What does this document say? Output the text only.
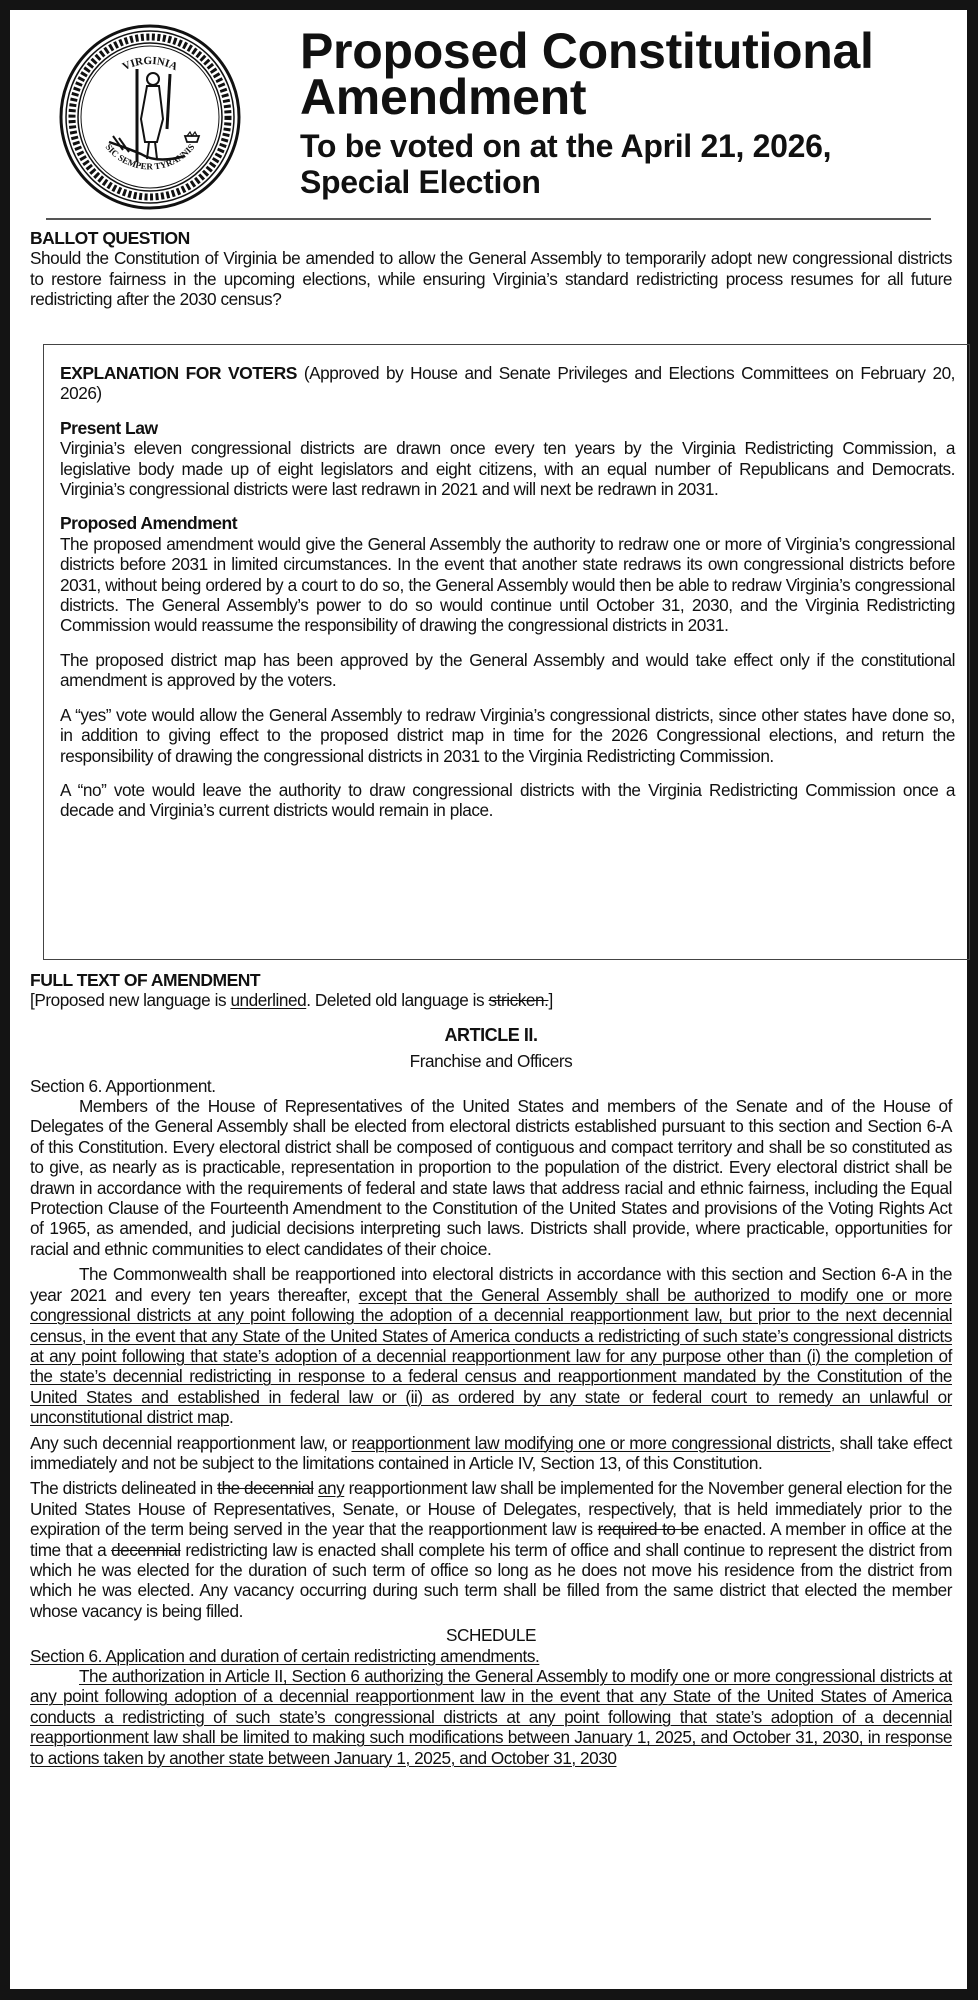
VIRGINIA
SIC SEMPER TYRANNIS
Proposed Constitutional
Amendment
To be voted on at the April 21, 2026,
Special Election
BALLOT QUESTION

Should the Constitution of Virginia be amended to allow the General Assembly to temporarily adopt new congressional districts to restore fairness in the upcoming elections, while ensuring Virginia’s standard redistricting process resumes for all future redistricting after the 2030 census?

EXPLANATION FOR VOTERS (Approved by House and Senate Privileges and Elections Committees on February 20, 2026)

Present Law

Virginia’s eleven congressional districts are drawn once every ten years by the Virginia Redistricting Commission, a legislative body made up of eight legislators and eight citizens, with an equal number of Republicans and Democrats. Virginia’s congressional districts were last redrawn in 2021 and will next be redrawn in 2031.

Proposed Amendment

The proposed amendment would give the General Assembly the authority to redraw one or more of Virginia’s congressional districts before 2031 in limited circumstances. In the event that another state redraws its own congressional districts before 2031, without being ordered by a court to do so, the General Assembly would then be able to redraw Virginia’s congressional districts. The General Assembly’s power to do so would continue until October 31, 2030, and the Virginia Redistricting Commission would reassume the responsibility of drawing the congressional districts in 2031.

The proposed district map has been approved by the General Assembly and would take effect only if the constitutional amendment is approved by the voters.

A “yes” vote would allow the General Assembly to redraw Virginia’s congressional districts, since other states have done so, in addition to giving effect to the proposed district map in time for the 2026 Congressional elections, and return the responsibility of drawing the congressional districts in 2031 to the Virginia Redistricting Commission.

A “no” vote would leave the authority to draw congressional districts with the Virginia Redistricting Commission once a decade and Virginia’s current districts would remain in place.

FULL TEXT OF AMENDMENT
[Proposed new language is underlined. Deleted old language is stricken.]
ARTICLE II.
Franchise and Officers
Section 6. Apportionment.

Members of the House of Representatives of the United States and members of the Senate and of the House of Delegates of the General Assembly shall be elected from electoral districts established pursuant to this section and Section 6-A of this Constitution. Every electoral district shall be composed of contiguous and compact territory and shall be so constituted as to give, as nearly as is practicable, representation in proportion to the population of the district. Every electoral district shall be drawn in accordance with the requirements of federal and state laws that address racial and ethnic fairness, including the Equal Protection Clause of the Fourteenth Amendment to the Constitution of the United States and provisions of the Voting Rights Act of 1965, as amended, and judicial decisions interpreting such laws. Districts shall provide, where practicable, opportunities for racial and ethnic communities to elect candidates of their choice.

The Commonwealth shall be reapportioned into electoral districts in accordance with this section and Section 6-A in the year 2021 and every ten years thereafter, except that the General Assembly shall be authorized to modify one or more congressional districts at any point following the adoption of a decennial reapportionment law, but prior to the next decennial census, in the event that any State of the United States of America conducts a redistricting of such state’s congressional districts at any point following that state’s adoption of a decennial reapportionment law for any purpose other than (i) the completion of the state’s decennial redistricting in response to a federal census and reapportionment mandated by the Constitution of the United States and established in federal law or (ii) as ordered by any state or federal court to remedy an unlawful or unconstitutional district map.

Any such decennial reapportionment law, or reapportionment law modifying one or more congressional districts, shall take effect immediately and not be subject to the limitations contained in Article IV, Section 13, of this Constitution.

The districts delineated in the decennial any reapportionment law shall be implemented for the November general election for the United States House of Representatives, Senate, or House of Delegates, respectively, that is held immediately prior to the expiration of the term being served in the year that the reapportionment law is required to be enacted. A member in office at the time that a decennial redistricting law is enacted shall complete his term of office and shall continue to represent the district from which he was elected for the duration of such term of office so long as he does not move his residence from the district from which he was elected. Any vacancy occurring during such term shall be filled from the same district that elected the member whose vacancy is being filled.

SCHEDULE
Section 6. Application and duration of certain redistricting amendments.

The authorization in Article II, Section 6 authorizing the General Assembly to modify one or more congressional districts at any point following adoption of a decennial reapportionment law in the event that any State of the United States of America conducts a redistricting of such state’s congressional districts at any point following that state’s adoption of a decennial reapportionment law shall be limited to making such modifications between January 1, 2025, and October 31, 2030, in response to actions taken by another state between January 1, 2025, and October 31, 2030
